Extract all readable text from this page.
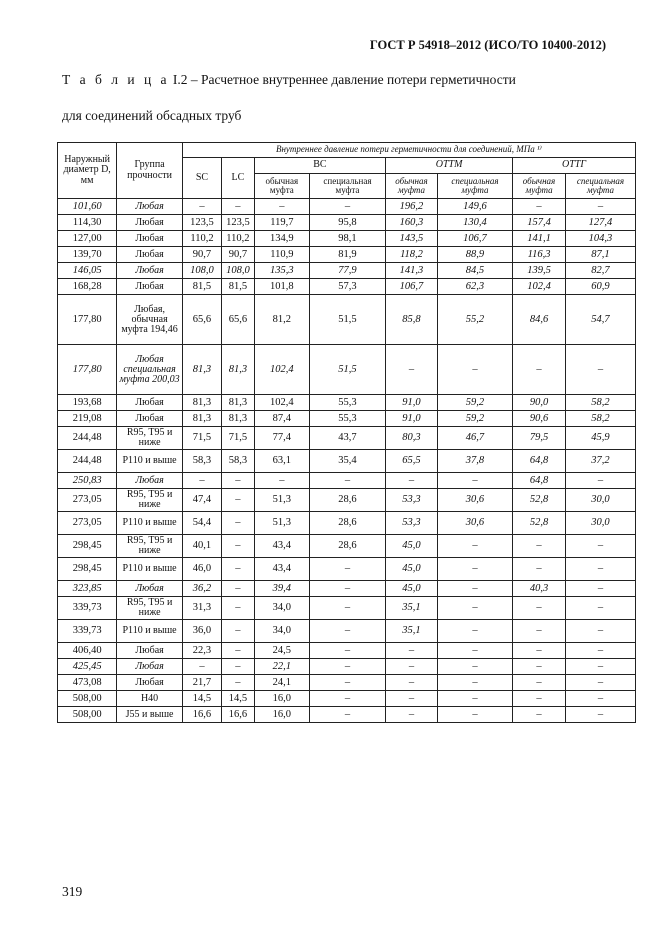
ГОСТ Р 54918–2012 (ИСО/ТО 10400-2012)
Т а б л и ц а I.2 – Расчетное внутреннее давление потери герметичности
для соединений обсадных труб
Наружный диаметр D, мм	Группа прочности	Внутреннее давление потери герметичности для соединений, МПа ¹⁾							
		SC	LC	BC		ОТТМ		ОТТГ	
				обычная муфта	специальная муфта	обычная муфта	специальная муфта	обычная муфта	специальная муфта
101,60	Любая	–	–	–	–	196,2	149,6	–	–
114,30	Любая	123,5	123,5	119,7	95,8	160,3	130,4	157,4	127,4
127,00	Любая	110,2	110,2	134,9	98,1	143,5	106,7	141,1	104,3
139,70	Любая	90,7	90,7	110,9	81,9	118,2	88,9	116,3	87,1
146,05	Любая	108,0	108,0	135,3	77,9	141,3	84,5	139,5	82,7
168,28	Любая	81,5	81,5	101,8	57,3	106,7	62,3	102,4	60,9
177,80	Любая, обычная муфта 194,46	65,6	65,6	81,2	51,5	85,8	55,2	84,6	54,7
177,80	Любая специальная муфта 200,03	81,3	81,3	102,4	51,5	–	–	–	–
193,68	Любая	81,3	81,3	102,4	55,3	91,0	59,2	90,0	58,2
219,08	Любая	81,3	81,3	87,4	55,3	91,0	59,2	90,6	58,2
244,48	R95, T95 и ниже	71,5	71,5	77,4	43,7	80,3	46,7	79,5	45,9
244,48	P110 и выше	58,3	58,3	63,1	35,4	65,5	37,8	64,8	37,2
250,83	Любая	–	–	–	–	–	–	64,8	–
273,05	R95, T95 и ниже	47,4	–	51,3	28,6	53,3	30,6	52,8	30,0
273,05	P110 и выше	54,4	–	51,3	28,6	53,3	30,6	52,8	30,0
298,45	R95, T95 и ниже	40,1	–	43,4	28,6	45,0	–	–	–
298,45	P110 и выше	46,0	–	43,4	–	45,0	–	–	–
323,85	Любая	36,2	–	39,4	–	45,0	–	40,3	–
339,73	R95, T95 и ниже	31,3	–	34,0	–	35,1	–	–	–
339,73	P110 и выше	36,0	–	34,0	–	35,1	–	–	–
406,40	Любая	22,3	–	24,5	–	–	–	–	–
425,45	Любая	–	–	22,1	–	–	–	–	–
473,08	Любая	21,7	–	24,1	–	–	–	–	–
508,00	H40	14,5	14,5	16,0	–	–	–	–	–
508,00	J55 и выше	16,6	16,6	16,0	–	–	–	–	–
319
